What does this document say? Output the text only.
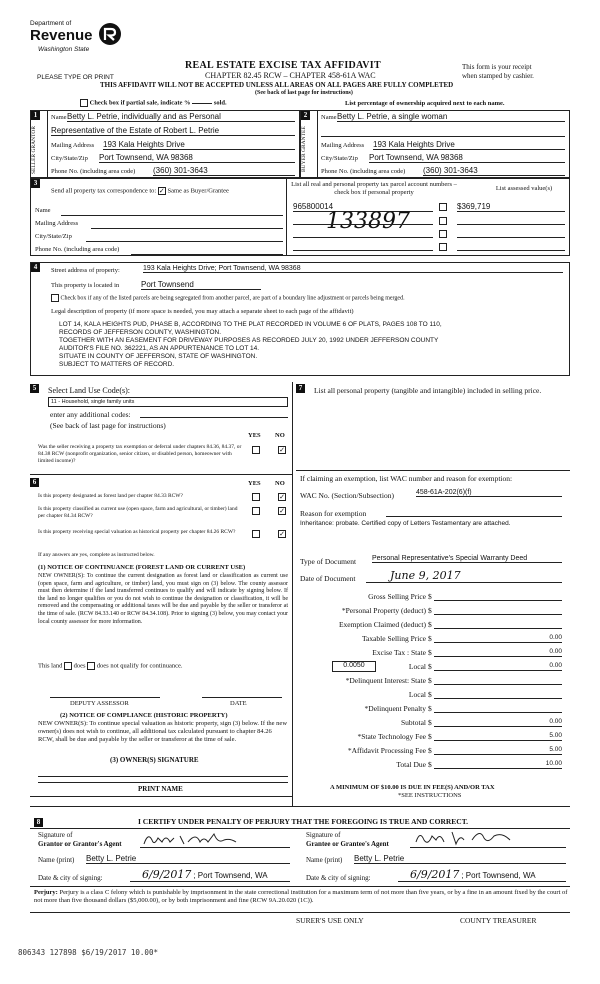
Department of
Revenue
Washington State
PLEASE TYPE OR PRINT
REAL ESTATE EXCISE TAX AFFIDAVIT
CHAPTER 82.45 RCW – CHAPTER 458-61A WAC
This form is your receipt
when stamped by cashier.
THIS AFFIDAVIT WILL NOT BE ACCEPTED UNLESS ALL AREAS ON ALL PAGES ARE FULLY COMPLETED
(See back of last page for instructions)
Check box if partial sale, indicate %	sold.	List percentage of ownership acquired next to each name.
1
SELLER GRANTOR
Name Betty L. Petrie, individually and as Personal
Representative of the Estate of Robert L. Petrie
Mailing Address 193 Kala Heights Drive
City/State/Zip Port Townsend, WA 98368
Phone No. (including area code) (360) 301-3643
2
BUYER GRANTEE
Name Betty L. Petrie, a single woman
Mailing Address 193 Kala Heights Drive
City/State/Zip Port Townsend, WA 98368
Phone No. (including area code) (360) 301-3643
3
Send all property tax correspondence to: ✓ Same as Buyer/Grantee
Name
Mailing Address
City/State/Zip
Phone No. (including area code)
List all real and personal property tax parcel account numbers – check box if personal property
List assessed value(s)
965800014	$369,719
133897
4	Street address of property:	193 Kala Heights Drive; Port Townsend, WA 98368
This property is located in	Port Townsend
Check box if any of the listed parcels are being segregated from another parcel, are part of a boundary line adjustment or parcels being merged.
Legal description of property (if more space is needed, you may attach a separate sheet to each page of the affidavit)
LOT 14, KALA HEIGHTS PUD, PHASE B, ACCORDING TO THE PLAT RECORDED IN VOLUME 6 OF PLATS, PAGES 108 TO 110,
RECORDS OF JEFFERSON COUNTY, WASHINGTON.
TOGETHER WITH AN EASEMENT FOR DRIVEWAY PURPOSES AS RECORDED JULY 20, 1992 UNDER JEFFERSON COUNTY
AUDITOR'S FILE NO. 362221, AS AN APPURTENANCE TO LOT 14.
SITUATE IN COUNTY OF JEFFERSON, STATE OF WASHINGTON.
SUBJECT TO MATTERS OF RECORD.
5	Select Land Use Code(s):
11 - Household, single family units
enter any additional codes:
(See back of last page for instructions)
YES NO
Was the seller receiving a property tax exemption or deferral under chapters 84.36, 84.37, or 84.38 RCW (nonprofit organization, senior citizen, or disabled person, homeowner with limited income)?
✓
6	YES NO
Is this property designated as forest land per chapter 84.33 RCW?	✓
Is this property classified as current use (open space, farm and agricultural, or timber) land per chapter 84.34 RCW?
✓
Is this property receiving special valuation as historical property per chapter 84.26 RCW?	✓
If any answers are yes, complete as instructed below.
(1) NOTICE OF CONTINUANCE (FOREST LAND OR CURRENT USE)
NEW OWNER(S): To continue the current designation as forest land or classification as current use (open space, farm and agriculture, or timber) land, you must sign on (3) below. The county assessor must then determine if the land transferred continues to qualify and will indicate by signing below. If the land no longer qualifies or you do not wish to continue the designation or classification, it will be removed and the compensating or additional taxes will be due and payable by the seller or transferor at the time of sale. (RCW 84.33.140 or RCW 84.34.108). Prior to signing (3) below, you may contact your local county assessor for more information.
This land does does not qualify for continuance.
DEPUTY ASSESSOR	DATE
(2) NOTICE OF COMPLIANCE (HISTORIC PROPERTY)
NEW OWNER(S): To continue special valuation as historic property, sign (3) below. If the new owner(s) does not wish to continue, all additional tax calculated pursuant to chapter 84.26 RCW, shall be due and payable by the seller or transferor at the time of sale.
(3) OWNER(S) SIGNATURE
PRINT NAME
7	List all personal property (tangible and intangible) included in selling price.
If claiming an exemption, list WAC number and reason for exemption:
WAC No. (Section/Subsection)	458-61A-202(6)(f)
Reason for exemption
Inheritance: probate. Certified copy of Letters Testamentary are attached.
Type of Document Personal Representative's Special Warranty Deed
Date of Document	June 9, 2017
Gross Selling Price $
*Personal Property (deduct) $
Exemption Claimed (deduct) $
Taxable Selling Price $	0.00
Excise Tax : State $	0.00
0.0050	Local $	0.00
*Delinquent Interest: State $
Local $
*Delinquent Penalty $
Subtotal $	0.00
*State Technology Fee $	5.00
*Affidavit Processing Fee $	5.00
Total Due $	10.00
A MINIMUM OF $10.00 IS DUE IN FEE(S) AND/OR TAX
*SEE INSTRUCTIONS
8	I CERTIFY UNDER PENALTY OF PERJURY THAT THE FOREGOING IS TRUE AND CORRECT.
Signature of
Grantor or Grantor's Agent
Name (print) Betty L. Petrie
Date & city of signing:	6/9/2017 ; Port Townsend, WA
Signature of
Grantee or Grantee's Agent
Name (print) Betty L. Petrie
Date & city of signing:	6/9/2017 ; Port Townsend, WA
Perjury: Perjury is a class C felony which is punishable by imprisonment in the state correctional institution for a maximum term of not more than five years, or by a fine in an amount fixed by the court of not more than five thousand dollars ($5,000.00), or by both imprisonment and fine (RCW 9A.20.020 (1C)).
SURER'S USE ONLY	COUNTY TREASURER
806343 127898 $6/19/2017 10.00*
